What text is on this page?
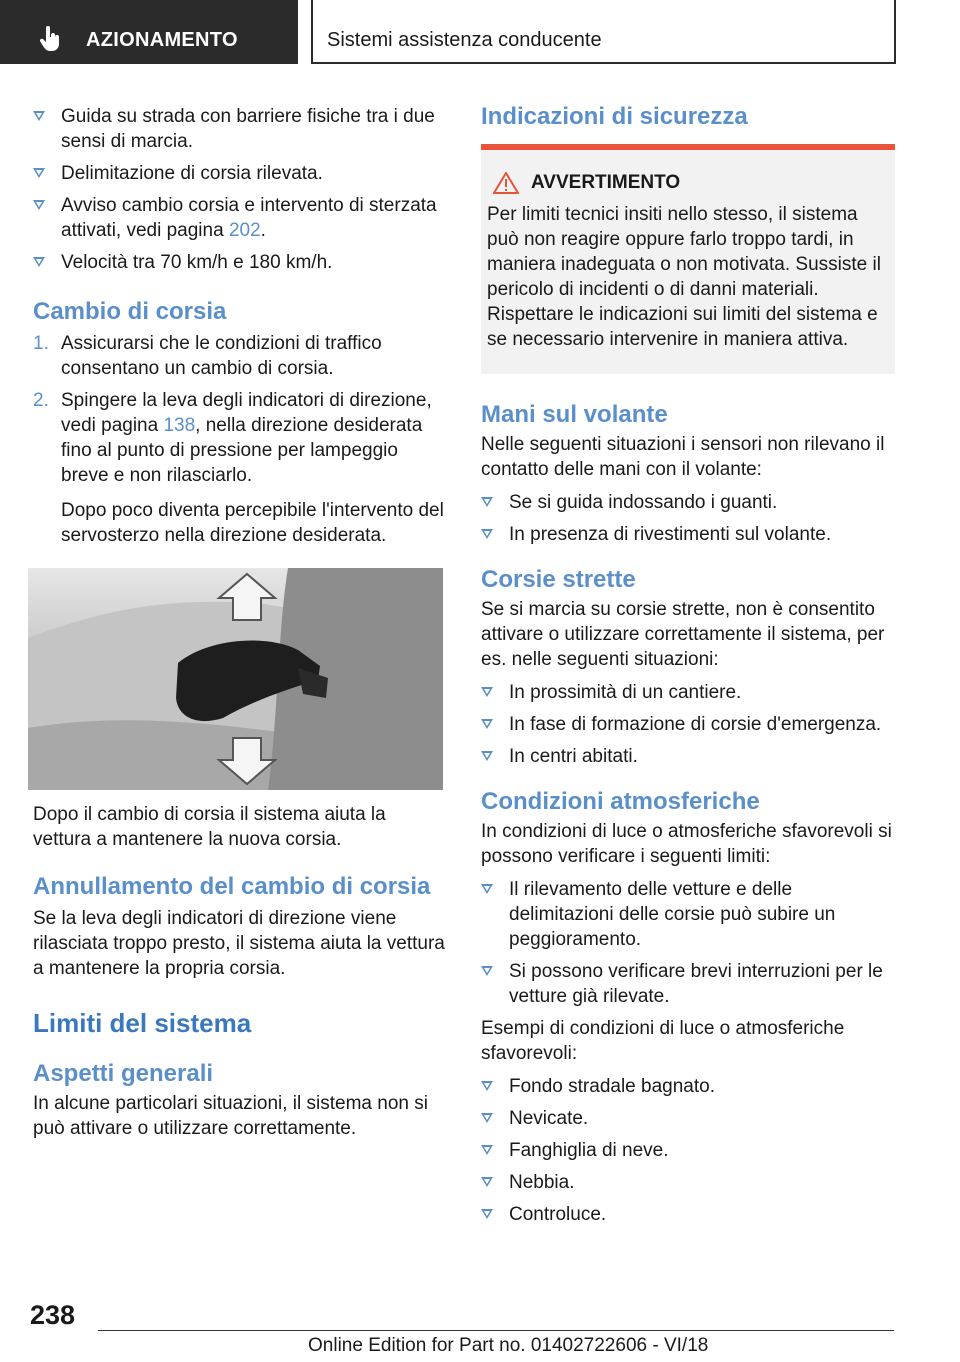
AZIONAMENTO	Sistemi assistenza conducente
Guida su strada con barriere fisiche tra i due sensi di marcia.
Delimitazione di corsia rilevata.
Avviso cambio corsia e intervento di sterzata attivati, vedi pagina 202.
Velocità tra 70 km/h e 180 km/h.
Cambio di corsia
1. Assicurarsi che le condizioni di traffico consentano un cambio di corsia.
2. Spingere la leva degli indicatori di direzione, vedi pagina 138, nella direzione desiderata fino al punto di pressione per lampeggio breve e non rilasciarlo.

Dopo poco diventa percepibile l'intervento del servosterzo nella direzione desiderata.

Dopo il cambio di corsia il sistema aiuta la vettura a mantenere la nuova corsia.

Annullamento del cambio di corsia

Se la leva degli indicatori di direzione viene rilasciata troppo presto, il sistema aiuta la vettura a mantenere la propria corsia.

Limiti del sistema
Aspetti generali

In alcune particolari situazioni, il sistema non si può attivare o utilizzare correttamente.

Indicazioni di sicurezza
AVVERTIMENTO

Per limiti tecnici insiti nello stesso, il sistema può non reagire oppure farlo troppo tardi, in maniera inadeguata o non motivata. Sussiste il pericolo di incidenti o di danni materiali. Rispettare le indicazioni sui limiti del sistema e se necessario intervenire in maniera attiva.

Mani sul volante

Nelle seguenti situazioni i sensori non rilevano il contatto delle mani con il volante:

Se si guida indossando i guanti.
In presenza di rivestimenti sul volante.
Corsie strette

Se si marcia su corsie strette, non è consentito attivare o utilizzare correttamente il sistema, per es. nelle seguenti situazioni:

In prossimità di un cantiere.
In fase di formazione di corsie d'emergenza.
In centri abitati.
Condizioni atmosferiche

In condizioni di luce o atmosferiche sfavorevoli si possono verificare i seguenti limiti:

Il rilevamento delle vetture e delle delimitazioni delle corsie può subire un peggioramento.
Si possono verificare brevi interruzioni per le vetture già rilevate.

Esempi di condizioni di luce o atmosferiche sfavorevoli:

Fondo stradale bagnato.
Nevicate.
Fanghiglia di neve.
Nebbia.
Controluce.
238
Online Edition for Part no. 01402722606 - VI/18 carmanualsonline.info
